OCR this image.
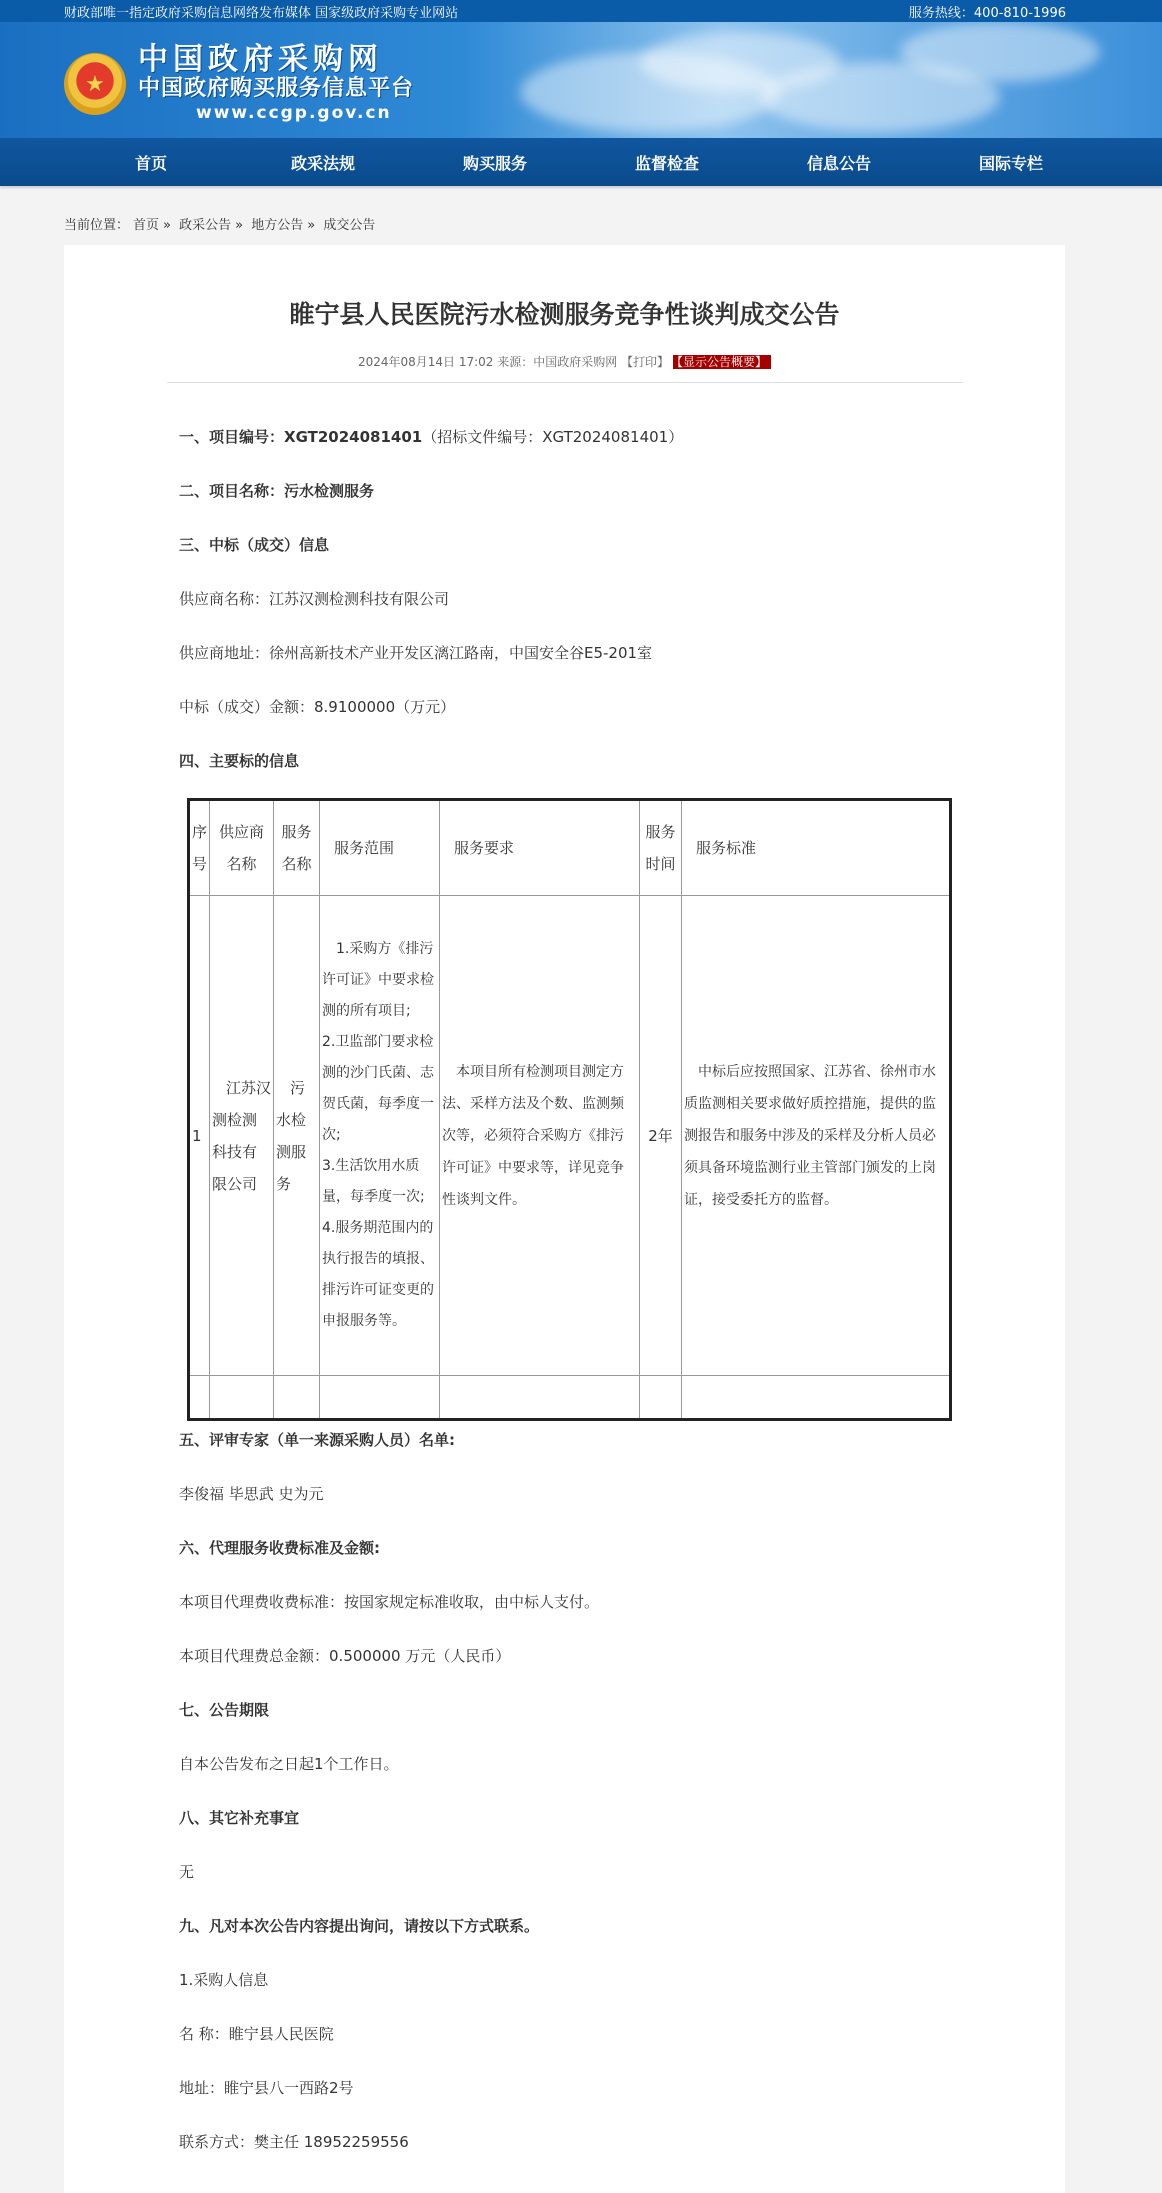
财政部唯一指定政府采购信息网络发布媒体 国家级政府采购专业网站	服务热线：400-810-1996
★
中国政府采购网
中国政府购买服务信息平台
www.ccgp.gov.cn
首页	政采法规	购买服务	监督检查	信息公告	国际专栏
当前位置： 首页 » 政采公告 » 地方公告 » 成交公告
睢宁县人民医院污水检测服务竞争性谈判成交公告
2024年08月14日 17:02 来源：中国政府采购网 【打印】 【显示公告概要】
一、项目编号：XGT2024081401（招标文件编号：XGT2024081401）
二、项目名称：污水检测服务
三、中标（成交）信息
供应商名称：江苏汉测检测科技有限公司
供应商地址：徐州高新技术产业开发区漓江路南，中国安全谷E5-201室
中标（成交）金额：8.9100000（万元）
四、主要标的信息
序号	供应商名称	服务名称	服务范围	服务要求	服务时间	服务标准
1	江苏汉测检测科技有限公司	污水检测服务	1.采购方《排污许可证》中要求检测的所有项目;
2.卫监部门要求检测的沙门氏菌、志贺氏菌，每季度一次;
3.生活饮用水质量，每季度一次;
4.服务期范围内的执行报告的填报、排污许可证变更的申报服务等。	本项目所有检测项目测定方法、采样方法及个数、监测频次等，必须符合采购方《排污许可证》中要求等，详见竞争性谈判文件。	2年	中标后应按照国家、江苏省、徐州市水质监测相关要求做好质控措施，提供的监测报告和服务中涉及的采样及分析人员必须具备环境监测行业主管部门颁发的上岗证，接受委托方的监督。

五、评审专家（单一来源采购人员）名单:
李俊福 毕思武 史为元
六、代理服务收费标准及金额:
本项目代理费收费标准：按国家规定标准收取，由中标人支付。
本项目代理费总金额：0.500000 万元（人民币）
七、公告期限
自本公告发布之日起1个工作日。
八、其它补充事宜
无
九、凡对本次公告内容提出询问，请按以下方式联系。
1.采购人信息
名 称：睢宁县人民医院
地址：睢宁县八一西路2号
联系方式：樊主任 18952259556
